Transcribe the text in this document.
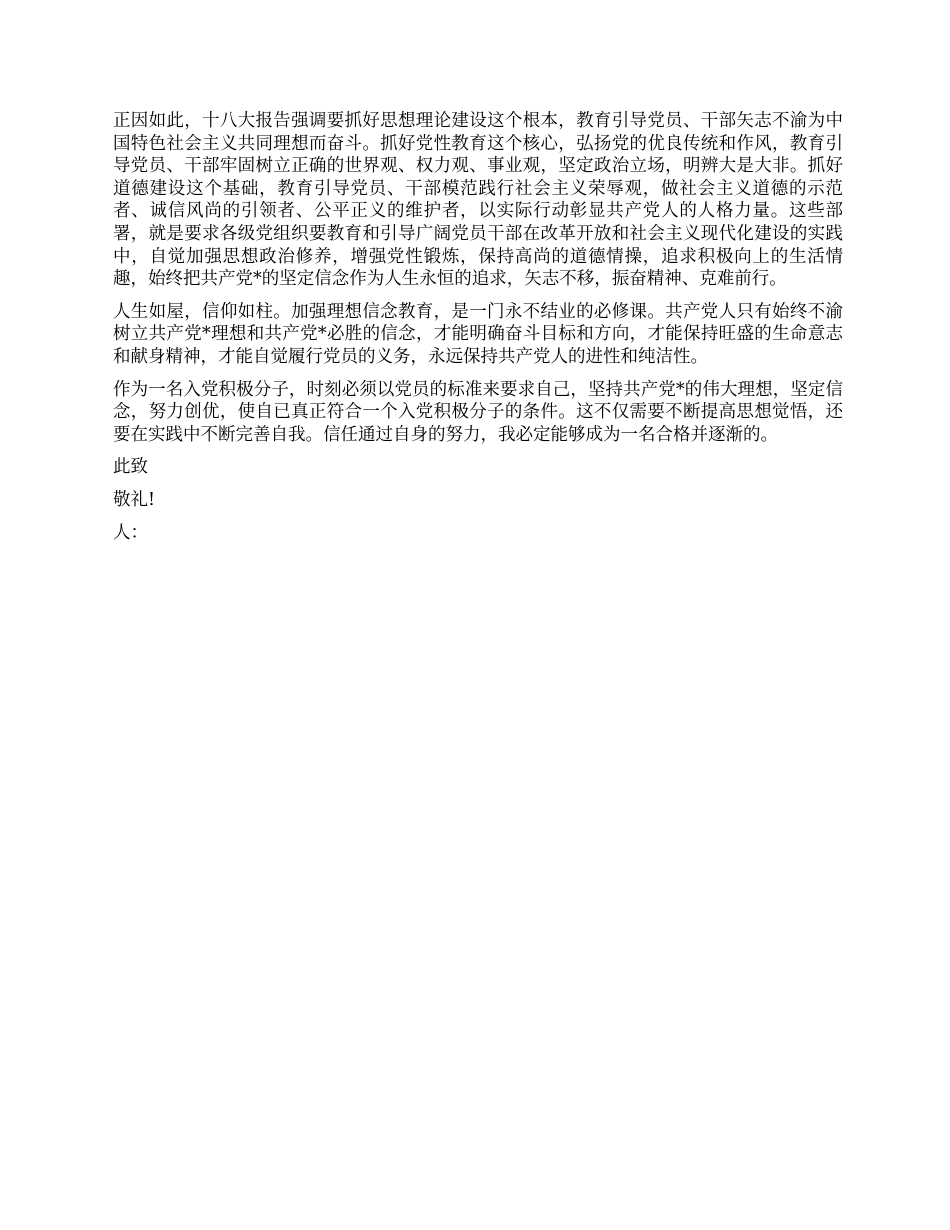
正因如此，十八大报告强调要抓好思想理论建设这个根本，教育引导党员、干部矢志不渝为中国特色社会主义共同理想而奋斗。抓好党性教育这个核心，弘扬党的优良传统和作风，教育引导党员、干部牢固树立正确的世界观、权力观、事业观，坚定政治立场，明辨大是大非。抓好道德建设这个基础，教育引导党员、干部模范践行社会主义荣辱观，做社会主义道德的示范者、诚信风尚的引领者、公平正义的维护者，以实际行动彰显共产党人的人格力量。这些部署，就是要求各级党组织要教育和引导广阔党员干部在改革开放和社会主义现代化建设的实践中，自觉加强思想政治修养，增强党性锻炼，保持高尚的道德情操，追求积极向上的生活情趣，始终把共产党*的坚定信念作为人生永恒的追求，矢志不移，振奋精神、克难前行。

人生如屋，信仰如柱。加强理想信念教育，是一门永不结业的必修课。共产党人只有始终不渝树立共产党*理想和共产党*必胜的信念，才能明确奋斗目标和方向，才能保持旺盛的生命意志和献身精神，才能自觉履行党员的义务，永远保持共产党人的进性和纯洁性。

作为一名入党积极分子，时刻必须以党员的标准来要求自己，坚持共产党*的伟大理想，坚定信念，努力创优，使自已真正符合一个入党积极分子的条件。这不仅需要不断提高思想觉悟，还要在实践中不断完善自我。信任通过自身的努力，我必定能够成为一名合格并逐渐的。

此致

敬礼!

人：
